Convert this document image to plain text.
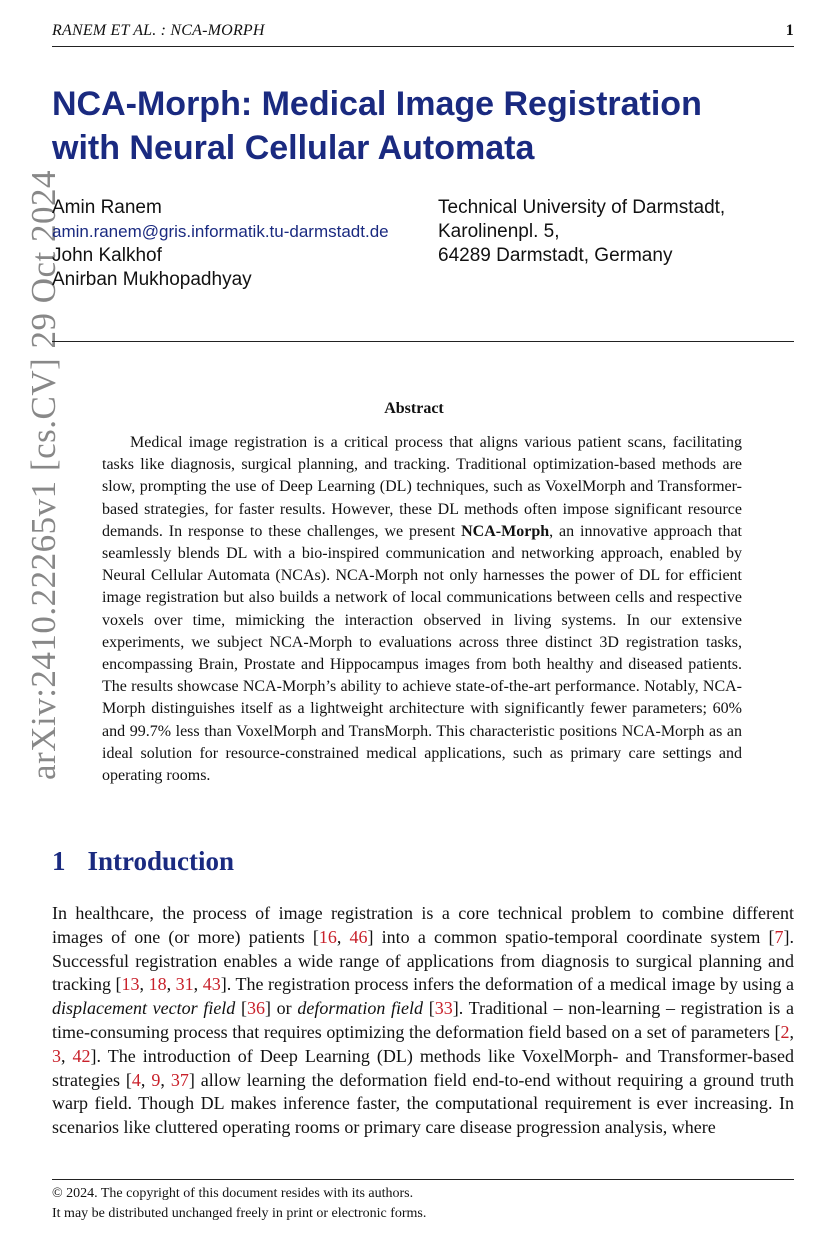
RANEM ET AL. : NCA-MORPH	1
arXiv:2410.22265v1 [cs.CV] 29 Oct 2024
NCA-Morph: Medical Image Registration
with Neural Cellular Automata
Amin Ranem
amin.ranem@gris.informatik.tu-darmstadt.de
John Kalkhof
Anirban Mukhopadhyay
Technical University of Darmstadt,
Karolinenpl. 5,
64289 Darmstadt, Germany
Abstract
Medical image registration is a critical process that aligns various patient scans, facilitating tasks like diagnosis, surgical planning, and tracking. Traditional optimization-based methods are slow, prompting the use of Deep Learning (DL) techniques, such as VoxelMorph and Transformer-based strategies, for faster results. However, these DL methods often impose significant resource demands. In response to these challenges, we present NCA-Morph, an innovative approach that seamlessly blends DL with a bio-inspired communication and networking approach, enabled by Neural Cellular Automata (NCAs). NCA-Morph not only harnesses the power of DL for efficient image registration but also builds a network of local communications between cells and respective voxels over time, mimicking the interaction observed in living systems. In our extensive experiments, we subject NCA-Morph to evaluations across three distinct 3D registration tasks, encompassing Brain, Prostate and Hippocampus images from both healthy and diseased patients. The results showcase NCA-Morph’s ability to achieve state-of-the-art performance. Notably, NCA-Morph distinguishes itself as a lightweight architecture with significantly fewer parameters; 60% and 99.7% less than VoxelMorph and TransMorph. This characteristic positions NCA-Morph as an ideal solution for resource-constrained medical applications, such as primary care settings and operating rooms.
1 Introduction
In healthcare, the process of image registration is a core technical problem to combine different images of one (or more) patients [16, 46] into a common spatio-temporal coordinate system [7]. Successful registration enables a wide range of applications from diagnosis to surgical planning and tracking [13, 18, 31, 43]. The registration process infers the deformation of a medical image by using a displacement vector field [36] or deformation field [33]. Traditional – non-learning – registration is a time-consuming process that requires optimizing the deformation field based on a set of parameters [2, 3, 42]. The introduction of Deep Learning (DL) methods like VoxelMorph- and Transformer-based strategies [4, 9, 37] allow learning the deformation field end-to-end without requiring a ground truth warp field. Though DL makes inference faster, the computational requirement is ever increasing. In scenarios like cluttered operating rooms or primary care disease progression analysis, where
© 2024. The copyright of this document resides with its authors.
It may be distributed unchanged freely in print or electronic forms.
